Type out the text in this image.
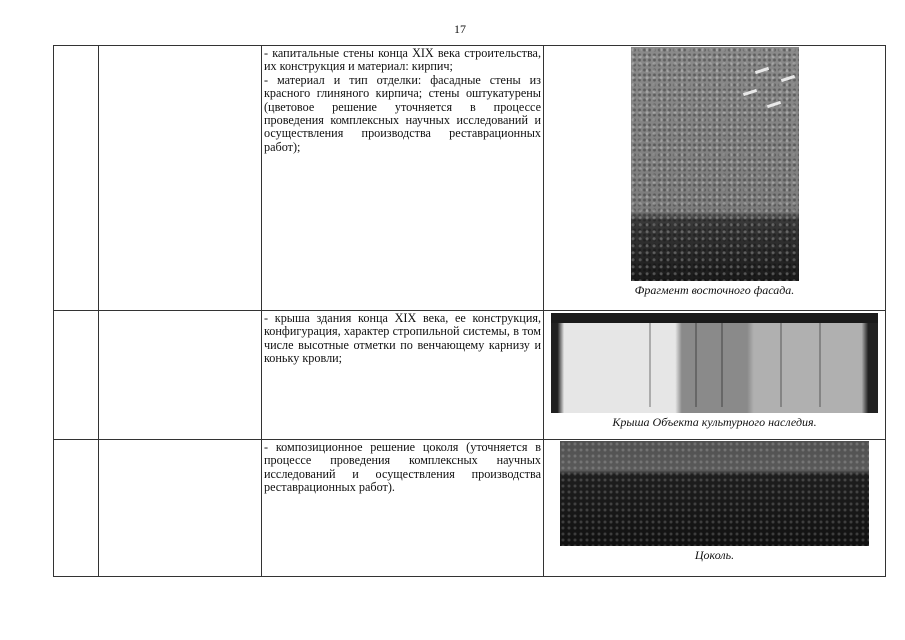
17

		- капитальные стены конца XIX века строительства, их конструкция и материал: кирпич;

- материал и тип отделки: фасадные стены из красного глиняного кирпича; стены оштукатурены (цветовое решение уточняется в процессе проведения комплексных научных исследований и осуществления производства реставрационных работ);	Фрагмент восточного фасада.

		- крыша здания конца XIX века, ее конструкция, конфигурация, характер стропильной системы, в том числе высотные отметки по венчающему карнизу и коньку кровли;	Крыша Объекта культурного наследия.

		- композиционное решение цоколя (уточняется в процессе проведения комплексных научных исследований и осуществления производства реставрационных работ).	Цоколь.
